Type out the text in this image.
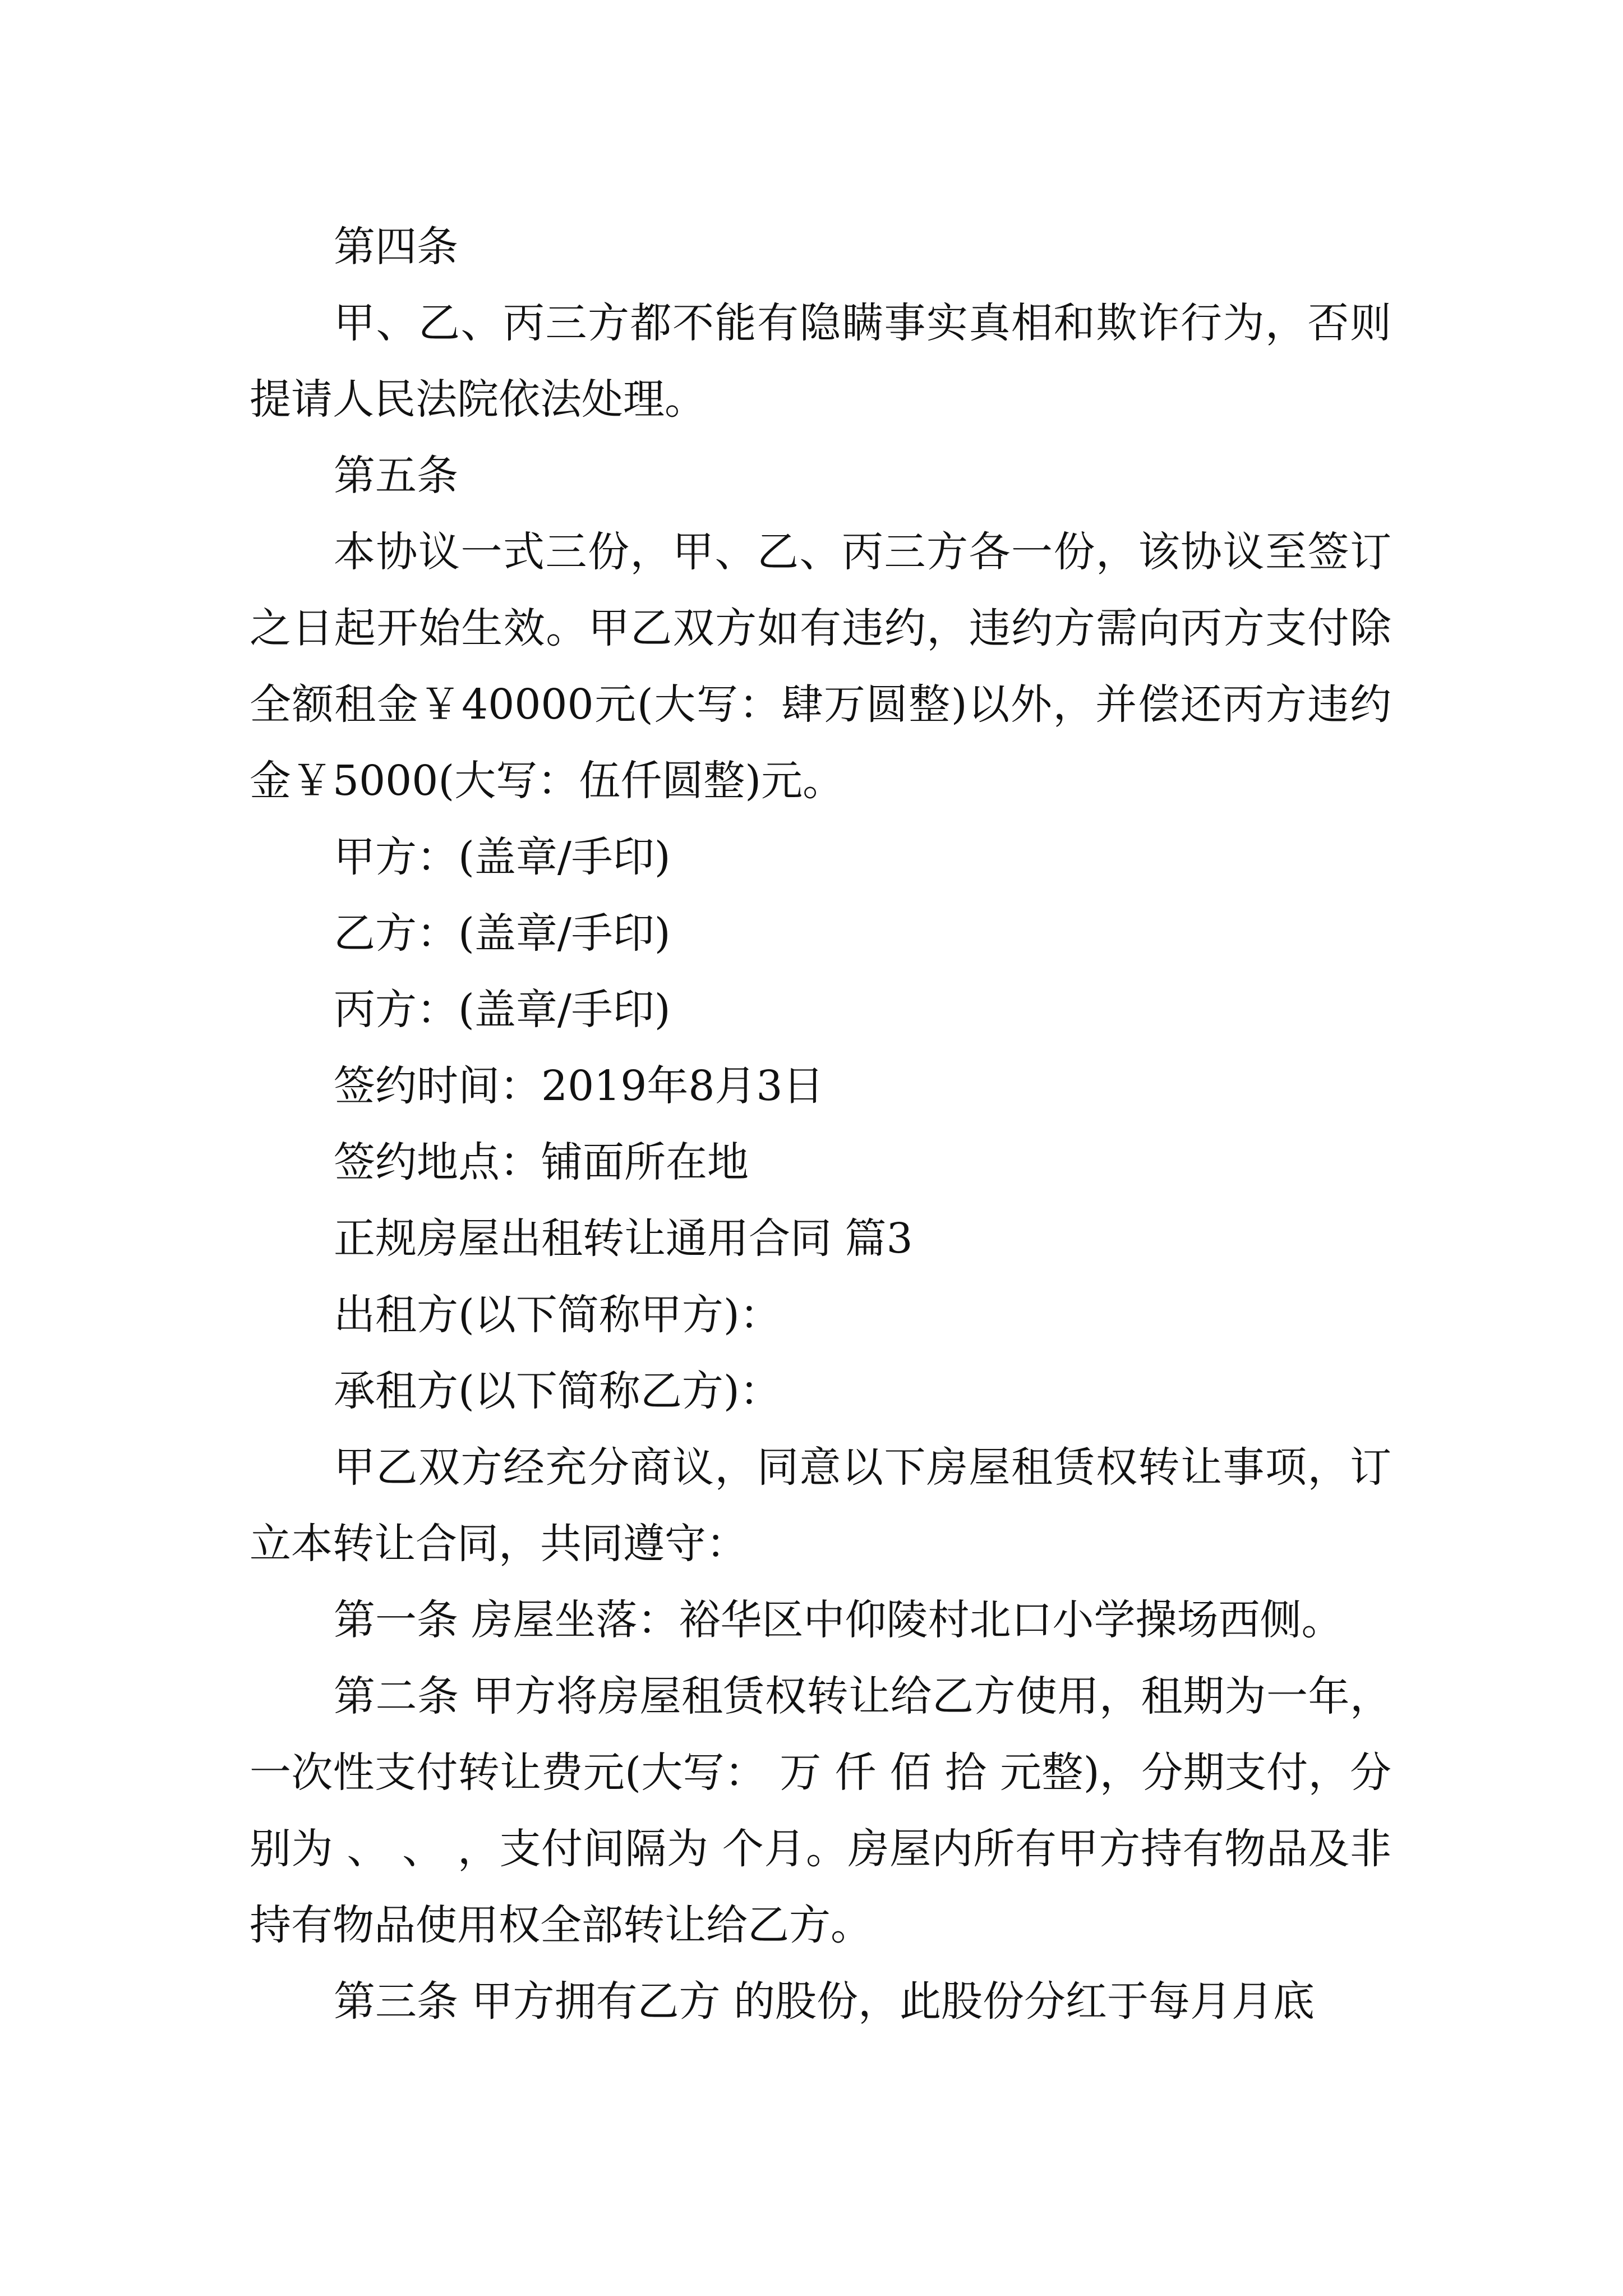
第四条

甲、乙、丙三方都不能有隐瞒事实真相和欺诈行为，否则提请人民法院依法处理。

第五条

本协议一式三份，甲、乙、丙三方各一份，该协议至签订之日起开始生效。甲乙双方如有违约，违约方需向丙方支付除全额租金￥40000元(大写：肆万圆整)以外，并偿还丙方违约金￥5000(大写：伍仟圆整)元。

甲方：(盖章/手印)

乙方：(盖章/手印)

丙方：(盖章/手印)

签约时间：2019年8月3日

签约地点：铺面所在地

正规房屋出租转让通用合同 篇3

出租方(以下简称甲方)：

承租方(以下简称乙方)：

甲乙双方经充分商议，同意以下房屋租赁权转让事项，订立本转让合同，共同遵守：

第一条 房屋坐落：裕华区中仰陵村北口小学操场西侧。

第二条 甲方将房屋租赁权转让给乙方使用，租期为一年，一次性支付转让费元(大写： 万 仟 佰 拾 元整)，分期支付，分别为 、 、 ，支付间隔为 个月。房屋内所有甲方持有物品及非持有物品使用权全部转让给乙方。

第三条 甲方拥有乙方 的股份，此股份分红于每月月底
